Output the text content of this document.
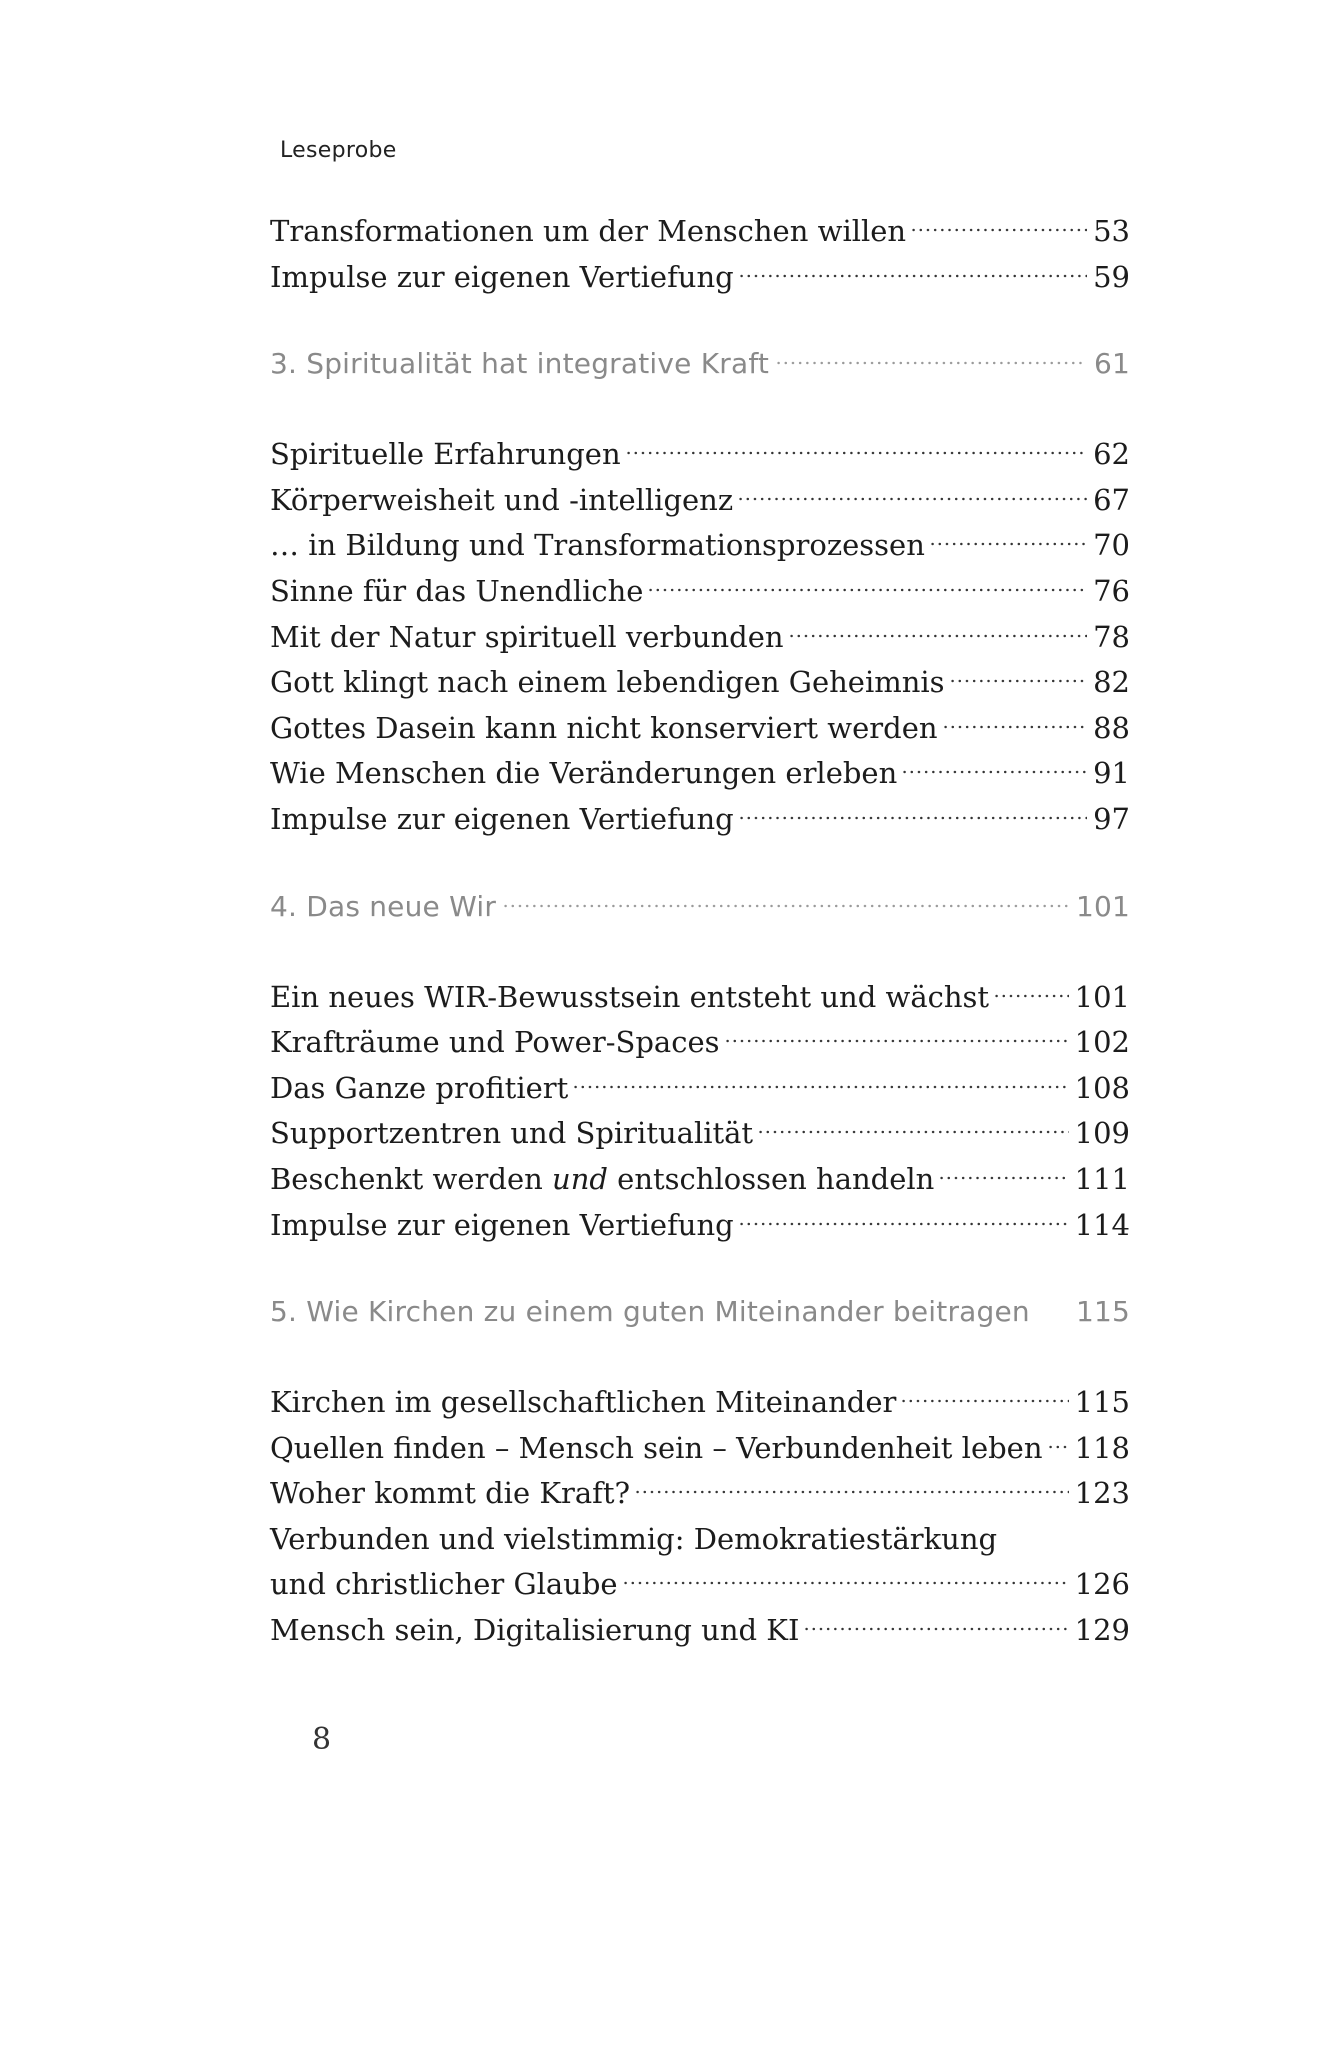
Leseprobe
Transformationen um der Menschen willen	53
Impulse zur eigenen Vertiefung	59
3. Spiritualität hat integrative Kraft	61
Spirituelle Erfahrungen	62
Körperweisheit und -intelligenz	67
… in Bildung und Transformationsprozessen	70
Sinne für das Unendliche	76
Mit der Natur spirituell verbunden	78
Gott klingt nach einem lebendigen Geheimnis	82
Gottes Dasein kann nicht konserviert werden	88
Wie Menschen die Veränderungen erleben	91
Impulse zur eigenen Vertiefung	97
4. Das neue Wir	101
Ein neues WIR-Bewusstsein entsteht und wächst	101
Krafträume und Power-Spaces	102
Das Ganze profitiert	108
Supportzentren und Spiritualität	109
Beschenkt werden und entschlossen handeln	111
Impulse zur eigenen Vertiefung	114
5. Wie Kirchen zu einem guten Miteinander beitragen 115
Kirchen im gesellschaftlichen Miteinander	115
Quellen finden – Mensch sein – Verbundenheit leben 118
Woher kommt die Kraft?	123
Verbunden und vielstimmig: Demokratiestärkung
und christlicher Glaube	126
Mensch sein, Digitalisierung und KI	129
8
